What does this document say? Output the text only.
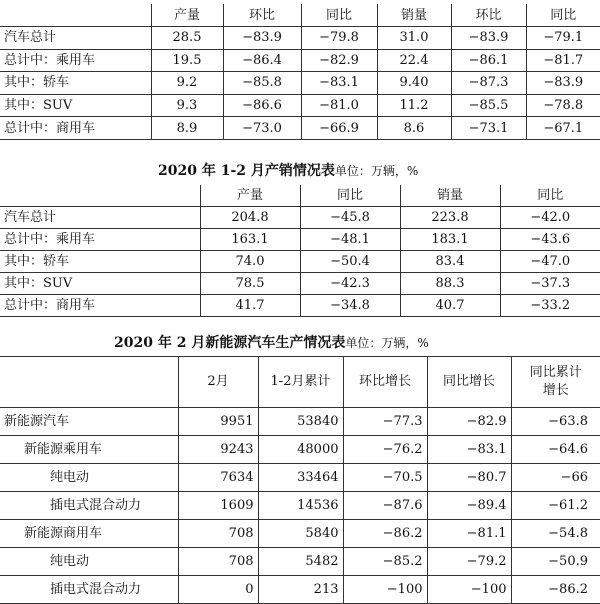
	产量	环比	同比	销量	环比	同比
汽车总计	28.5	−83.9	−79.8	31.0	−83.9	−79.1
总计中：乘用车	19.5	−86.4	−82.9	22.4	−86.1	−81.7
其中：轿车	9.2	−85.8	−83.1	9.40	−87.3	−83.9
其中：SUV	9.3	−86.6	−81.0	11.2	−85.5	−78.8
总计中：商用车	8.9	−73.0	−66.9	8.6	−73.1	−67.1
2020 年 1-2 月产销情况表单位：万辆，%
	产量	同比	销量	同比
汽车总计	204.8	−45.8	223.8	−42.0
总计中：乘用车	163.1	−48.1	183.1	−43.6
其中：轿车	74.0	−50.4	83.4	−47.0
其中：SUV	78.5	−42.3	88.3	−37.3
总计中：商用车	41.7	−34.8	40.7	−33.2
2020 年 2 月新能源汽车生产情况表单位：万辆，%
	2月	1-2月累计	环比增长	同比增长	同比累计增长
新能源汽车	9951	53840	−77.3	−82.9	−63.8
新能源乘用车	9243	48000	−76.2	−83.1	−64.6
纯电动	7634	33464	−70.5	−80.7	−66
插电式混合动力	1609	14536	−87.6	−89.4	−61.2
新能源商用车	708	5840	−86.2	−81.1	−54.8
纯电动	708	5482	−85.2	−79.2	−50.9
插电式混合动力	0	213	−100	−100	−86.2
